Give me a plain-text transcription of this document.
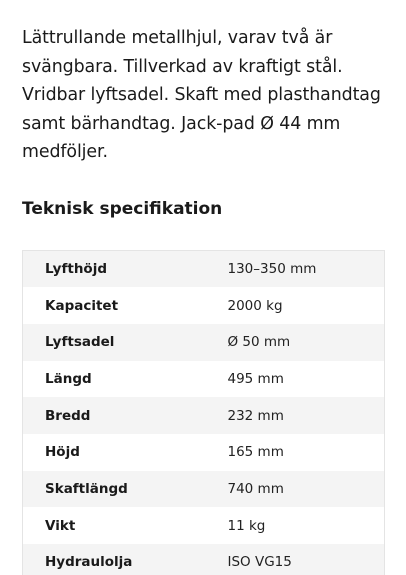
Lättrullande metallhjul, varav två är svängbara. Tillverkad av kraftigt stål. Vridbar lyftsadel. Skaft med plasthandtag samt bärhandtag. Jack-pad Ø 44 mm medföljer.

Teknisk specifikation
Lyfthöjd	130–350 mm
Kapacitet	2000 kg
Lyftsadel	Ø 50 mm
Längd	495 mm
Bredd	232 mm
Höjd	165 mm
Skaftlängd	740 mm
Vikt	11 kg
Hydraulolja	ISO VG15
